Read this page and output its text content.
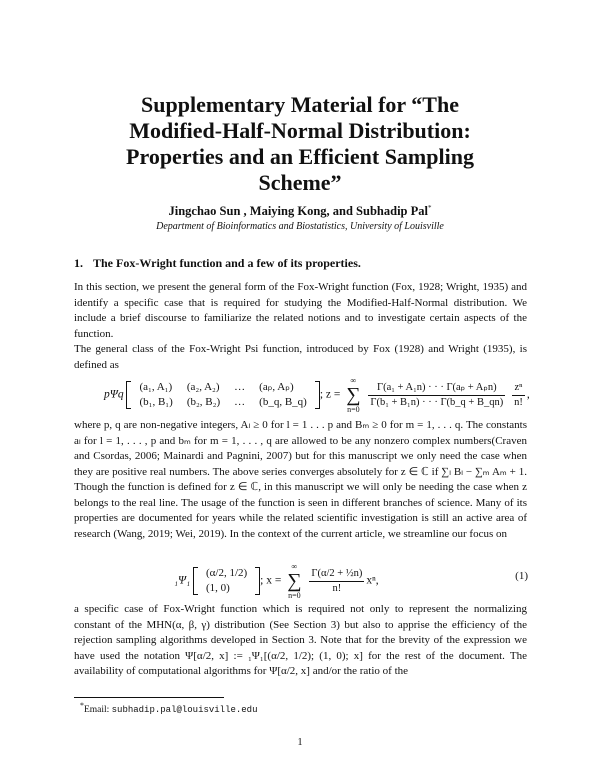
Supplementary Material for “The
Modified-Half-Normal Distribution:
Properties and an Efficient Sampling
Scheme”
Jingchao Sun , Maiying Kong, and Subhadip Pal*
Department of Bioinformatics and Biostatistics, University of Louisville
1. The Fox-Wright function and a few of its properties.
In this section, we present the general form of the Fox-Wright function (Fox, 1928; Wright, 1935) and identify a specific case that is required for studying the Modified-Half-Normal distribution. We include a brief discourse to familiarize the related notions and to investigate certain aspects of the function.
The general class of the Fox-Wright Psi function, introduced by Fox (1928) and Wright (1935), is defined as
pΨq
(a₁, A₁)	(a₂, A₂)	…	(aₚ, Aₚ)
(b₁, B₁)	(b₂, B₂)	…	(b_q, B_q)
; z =
∞
∑
n=0
$\frac{\text{Γ(a₁ + A₁n) · · · Γ(aₚ + Aₚn)}}{\text{Γ(b₁ + B₁n) · · · Γ(b\_q + B\_qn)}}$
$\frac{\text{zⁿ}}{n!}$ ,
where p, q are non-negative integers, Aₗ ≥ 0 for l = 1 . . . p and Bₘ ≥ 0 for m = 1, . . . q. The constants aₗ for l = 1, . . . , p and bₘ for m = 1, . . . , q are allowed to be any nonzero complex numbers(Craven and Csordas, 2006; Mainardi and Pagnini, 2007) but for this manuscript we only need the case when they are positive real numbers. The above series converges absolutely for z ∈ ℂ if ∑ₗ Bₗ − ∑ₘ Aₘ + 1. Though the function is defined for z ∈ ℂ, in this manuscript we will only be needing the case when z belongs to the real line. The usage of the function is seen in different branches of science. Many of its properties are documented for years while the related scientific investigation is still an active area of research (Wang, 2019; Wei, 2019). In the context of the current article, we streamline our focus on
₁Ψ₁
(α/2, 1/2)
(1, 0)
; x =
∞
∑
n=0
$\frac{\text{Γ(α/2 + ½n)}}{n!} x^n$,	(1)
a specific case of Fox-Wright function which is required not only to represent the normalizing constant of the MHN(α, β, γ) distribution (See Section 3) but also to apprise the efficiency of the rejection sampling algorithms developed in Section 3. Note that for the brevity of the expression we have used the notation Ψ[α/2, x] := ₁Ψ₁[(α/2, 1/2); (1, 0); x] for the rest of the document. The availability of computational algorithms for Ψ[α/2, x] and/or the ratio of the
*Email: subhadip.pal@louisville.edu
1
